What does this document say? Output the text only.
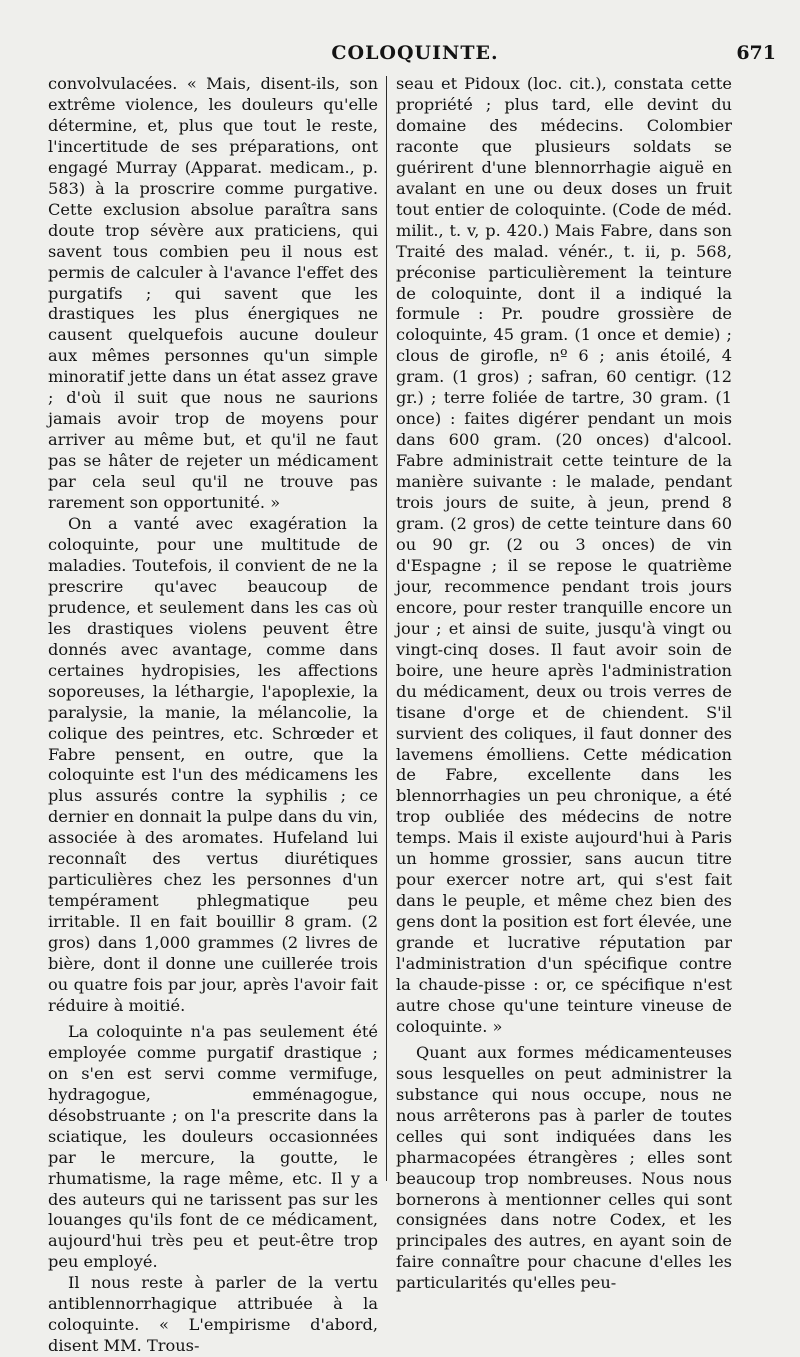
COLOQUINTE.	671

convolvulacées. « Mais, disent-ils, son extrême violence, les douleurs qu'elle détermine, et, plus que tout le reste, l'incertitude de ses préparations, ont engagé Murray (Apparat. medicam., p. 583) à la proscrire comme purgative. Cette exclusion absolue paraîtra sans doute trop sévère aux praticiens, qui savent tous combien peu il nous est permis de calculer à l'avance l'effet des purgatifs ; qui savent que les drastiques les plus énergiques ne causent quelquefois aucune douleur aux mêmes personnes qu'un simple minoratif jette dans un état assez grave ; d'où il suit que nous ne saurions jamais avoir trop de moyens pour arriver au même but, et qu'il ne faut pas se hâter de rejeter un médicament par cela seul qu'il ne trouve pas rarement son opportunité. »

On a vanté avec exagération la coloquinte, pour une multitude de maladies. Toutefois, il convient de ne la prescrire qu'avec beaucoup de prudence, et seulement dans les cas où les drastiques violens peuvent être donnés avec avantage, comme dans certaines hydropisies, les affections soporeuses, la léthargie, l'apoplexie, la paralysie, la manie, la mélancolie, la colique des peintres, etc. Schrœder et Fabre pensent, en outre, que la coloquinte est l'un des médicamens les plus assurés contre la syphilis ; ce dernier en donnait la pulpe dans du vin, associée à des aromates. Hufeland lui reconnaît des vertus diurétiques particulières chez les personnes d'un tempérament phlegmatique peu irritable. Il en fait bouillir 8 gram. (2 gros) dans 1,000 grammes (2 livres de bière, dont il donne une cuillerée trois ou quatre fois par jour, après l'avoir fait réduire à moitié.

La coloquinte n'a pas seulement été employée comme purgatif drastique ; on s'en est servi comme vermifuge, hydragogue, emménagogue, désobstruante ; on l'a prescrite dans la sciatique, les douleurs occasionnées par le mercure, la goutte, le rhumatisme, la rage même, etc. Il y a des auteurs qui ne tarissent pas sur les louanges qu'ils font de ce médicament, aujourd'hui très peu et peut-être trop peu employé.

Il nous reste à parler de la vertu antiblennorrhagique attribuée à la coloquinte. « L'empirisme d'abord, disent MM. Trous-

seau et Pidoux (loc. cit.), constata cette propriété ; plus tard, elle devint du domaine des médecins. Colombier raconte que plusieurs soldats se guérirent d'une blennorrhagie aiguë en avalant en une ou deux doses un fruit tout entier de coloquinte. (Code de méd. milit., t. v, p. 420.) Mais Fabre, dans son Traité des malad. vénér., t. ii, p. 568, préconise particulièrement la teinture de coloquinte, dont il a indiqué la formule : Pr. poudre grossière de coloquinte, 45 gram. (1 once et demie) ; clous de girofle, nº 6 ; anis étoilé, 4 gram. (1 gros) ; safran, 60 centigr. (12 gr.) ; terre foliée de tartre, 30 gram. (1 once) : faites digérer pendant un mois dans 600 gram. (20 onces) d'alcool. Fabre administrait cette teinture de la manière suivante : le malade, pendant trois jours de suite, à jeun, prend 8 gram. (2 gros) de cette teinture dans 60 ou 90 gr. (2 ou 3 onces) de vin d'Espagne ; il se repose le quatrième jour, recommence pendant trois jours encore, pour rester tranquille encore un jour ; et ainsi de suite, jusqu'à vingt ou vingt-cinq doses. Il faut avoir soin de boire, une heure après l'administration du médicament, deux ou trois verres de tisane d'orge et de chiendent. S'il survient des coliques, il faut donner des lavemens émolliens. Cette médication de Fabre, excellente dans les blennorrhagies un peu chronique, a été trop oubliée des médecins de notre temps. Mais il existe aujourd'hui à Paris un homme grossier, sans aucun titre pour exercer notre art, qui s'est fait dans le peuple, et même chez bien des gens dont la position est fort élevée, une grande et lucrative réputation par l'administration d'un spécifique contre la chaude-pisse : or, ce spécifique n'est autre chose qu'une teinture vineuse de coloquinte. »

Quant aux formes médicamenteuses sous lesquelles on peut administrer la substance qui nous occupe, nous ne nous arrêterons pas à parler de toutes celles qui sont indiquées dans les pharmacopées étrangères ; elles sont beaucoup trop nombreuses. Nous nous bornerons à mentionner celles qui sont consignées dans notre Codex, et les principales des autres, en ayant soin de faire connaître pour chacune d'elles les particularités qu'elles peu-
